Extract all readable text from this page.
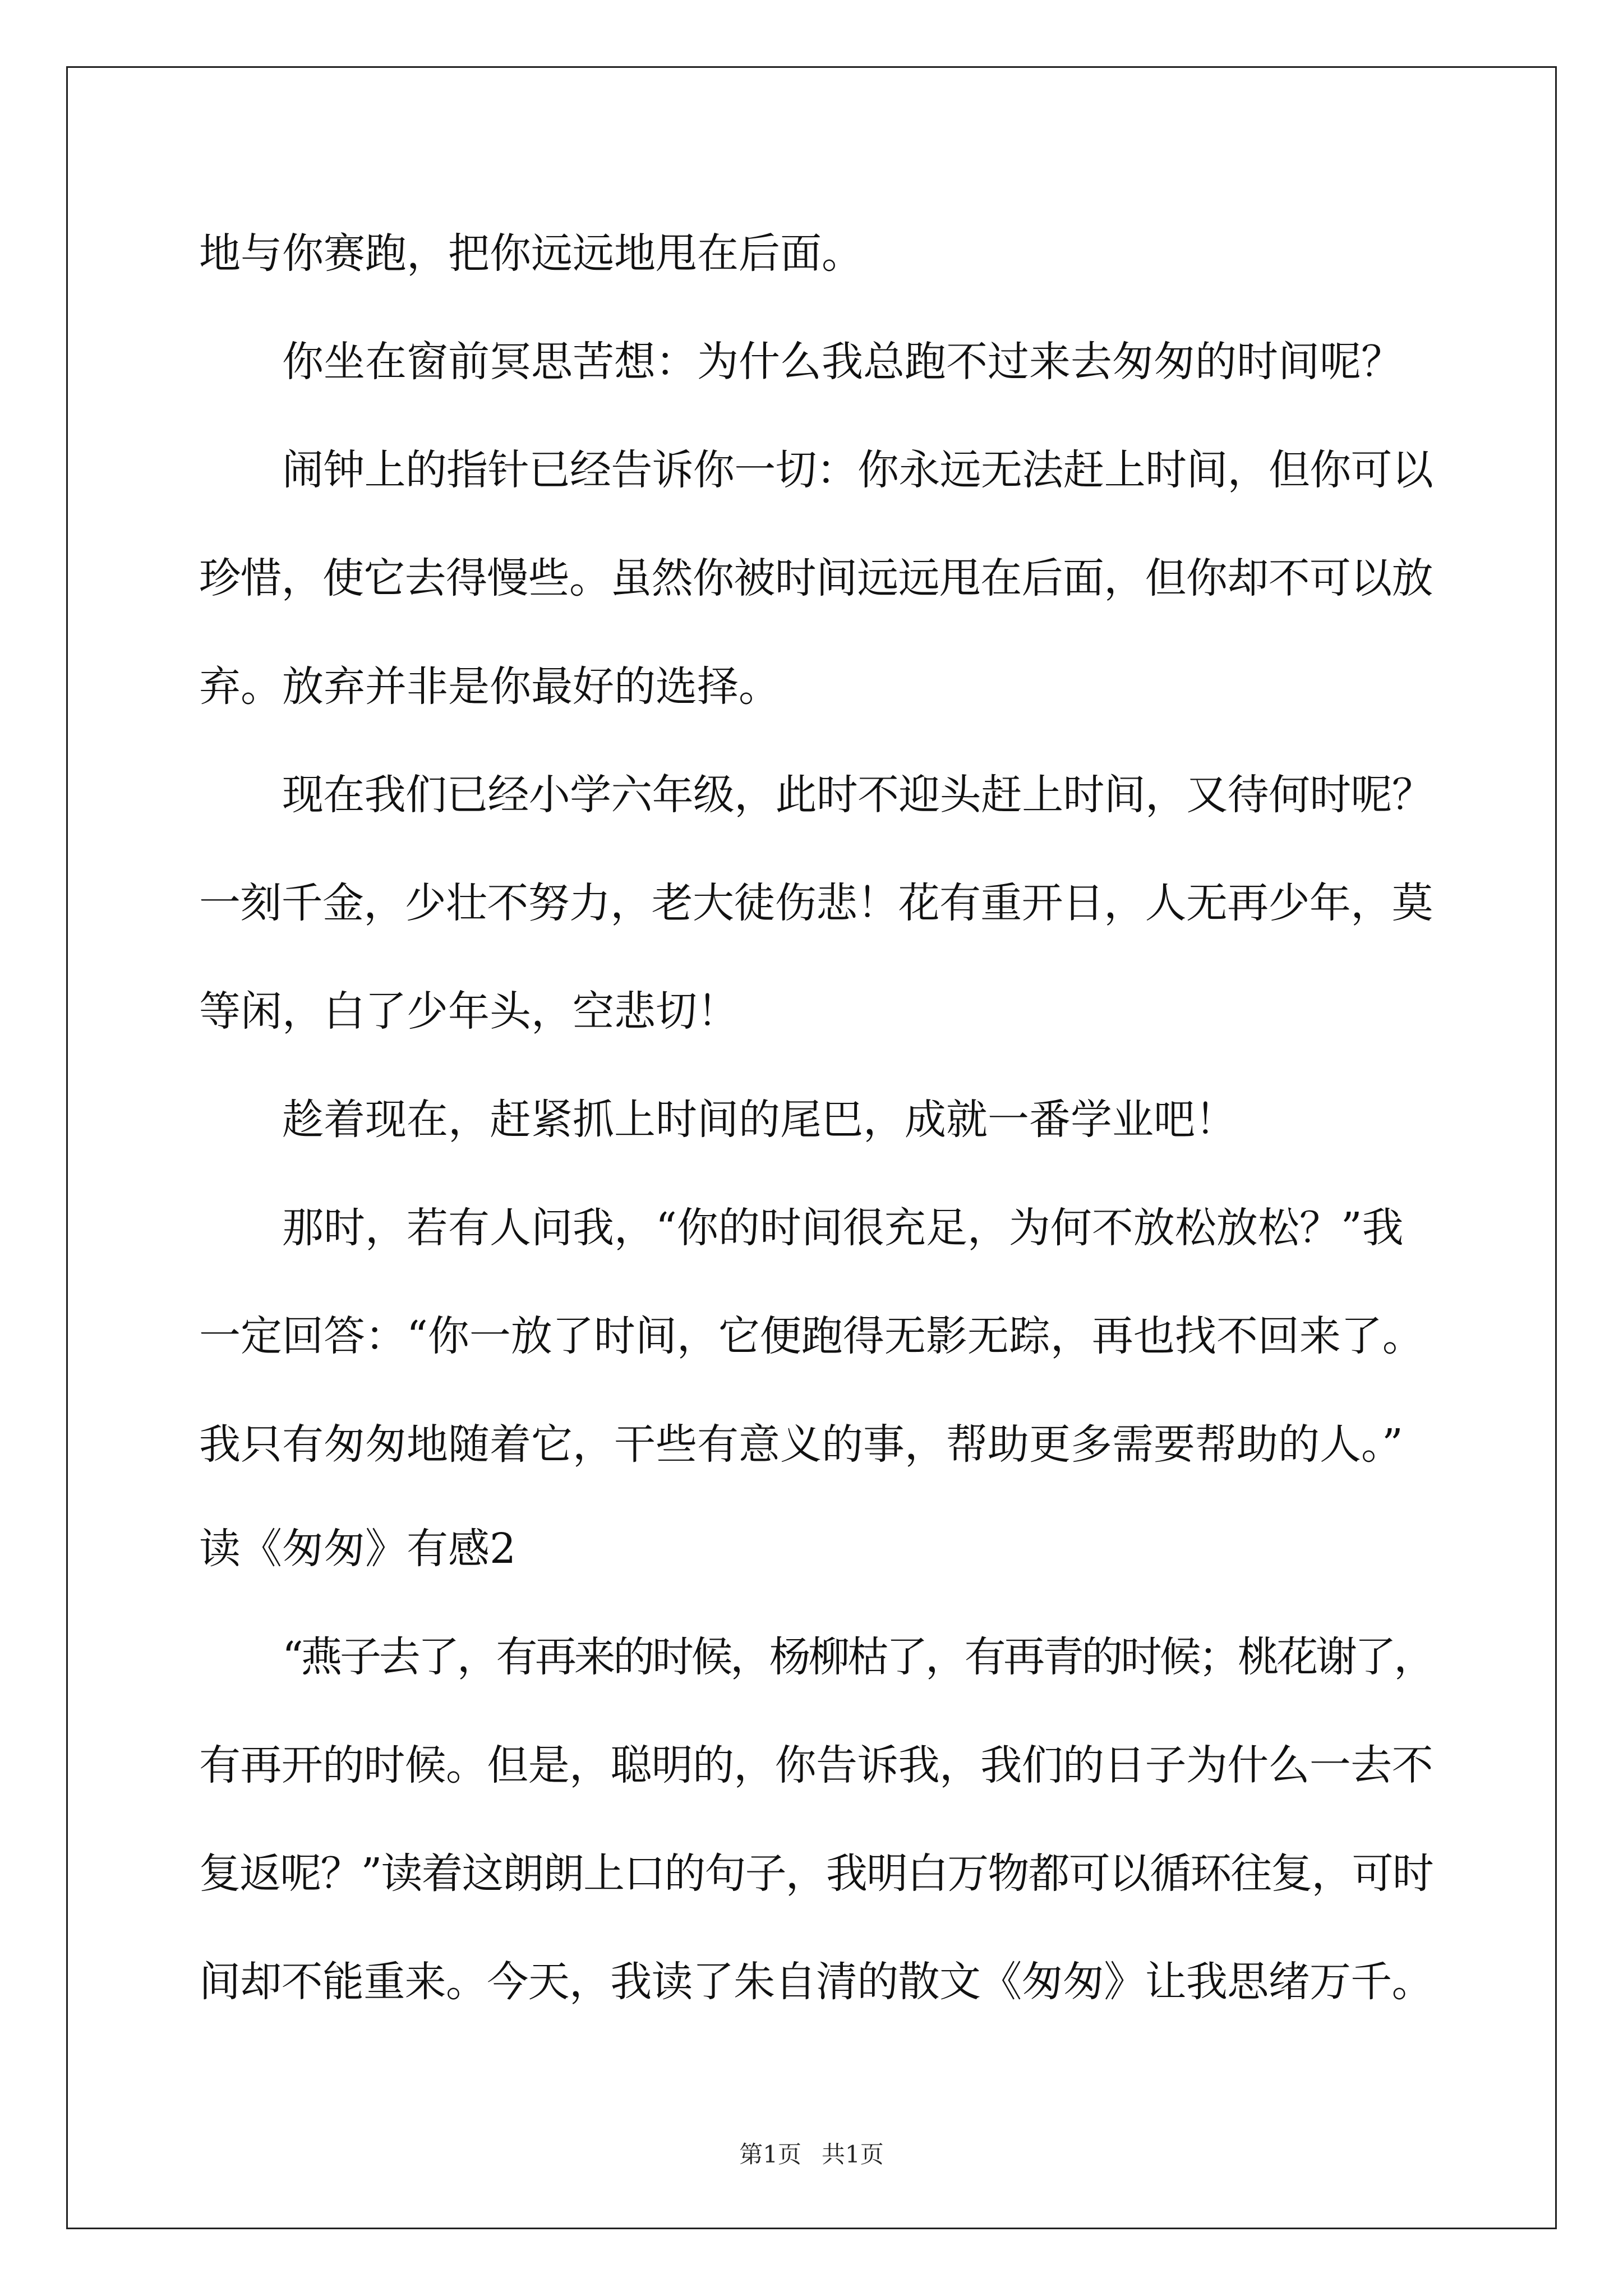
地与你赛跑，把你远远地甩在后面。
你坐在窗前冥思苦想：为什么我总跑不过来去匆匆的时间呢？
闹钟上的指针已经告诉你一切：你永远无法赶上时间，但你可以
珍惜，使它去得慢些。虽然你被时间远远甩在后面，但你却不可以放
弃。放弃并非是你最好的选择。
现在我们已经小学六年级，此时不迎头赶上时间，又待何时呢？
一刻千金，少壮不努力，老大徒伤悲！花有重开日，人无再少年，莫
等闲，白了少年头，空悲切！
趁着现在，赶紧抓上时间的尾巴，成就一番学业吧！
那时，若有人问我，“你的时间很充足，为何不放松放松？”我
一定回答：“你一放了时间，它便跑得无影无踪，再也找不回来了。
我只有匆匆地随着它，干些有意义的事，帮助更多需要帮助的人。”
读《匆匆》有感2
“燕子去了，有再来的时候，杨柳枯了，有再青的时候；桃花谢了，
有再开的时候。但是，聪明的，你告诉我，我们的日子为什么一去不
复返呢？”读着这朗朗上口的句子，我明白万物都可以循环往复，可时
间却不能重来。今天，我读了朱自清的散文《匆匆》让我思绪万千。
第1页 共1页
